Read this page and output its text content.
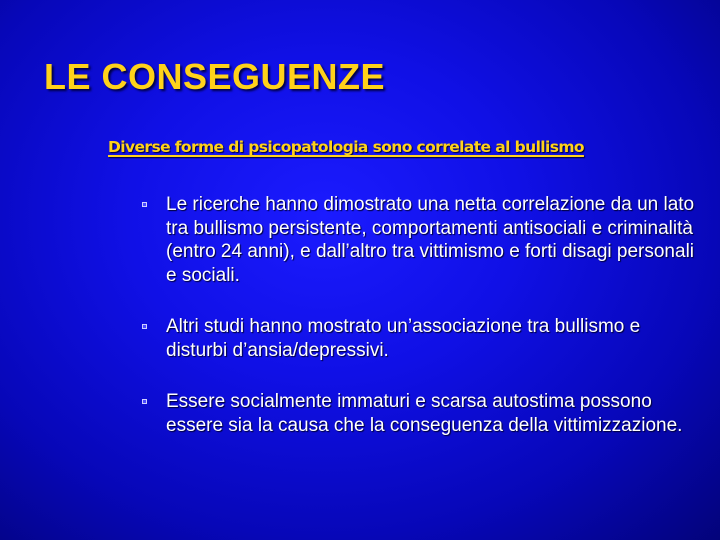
LE CONSEGUENZE
Diverse forme di psicopatologia sono correlate al bullismo
Le ricerche hanno dimostrato una netta correlazione da un lato tra bullismo persistente, comportamenti antisociali e criminalità (entro 24 anni), e dall’altro tra vittimismo e forti disagi personali e sociali.
Altri studi hanno mostrato un’associazione tra bullismo e disturbi d’ansia/depressivi.
Essere socialmente immaturi e scarsa autostima possono essere sia la causa che la conseguenza della vittimizzazione.
